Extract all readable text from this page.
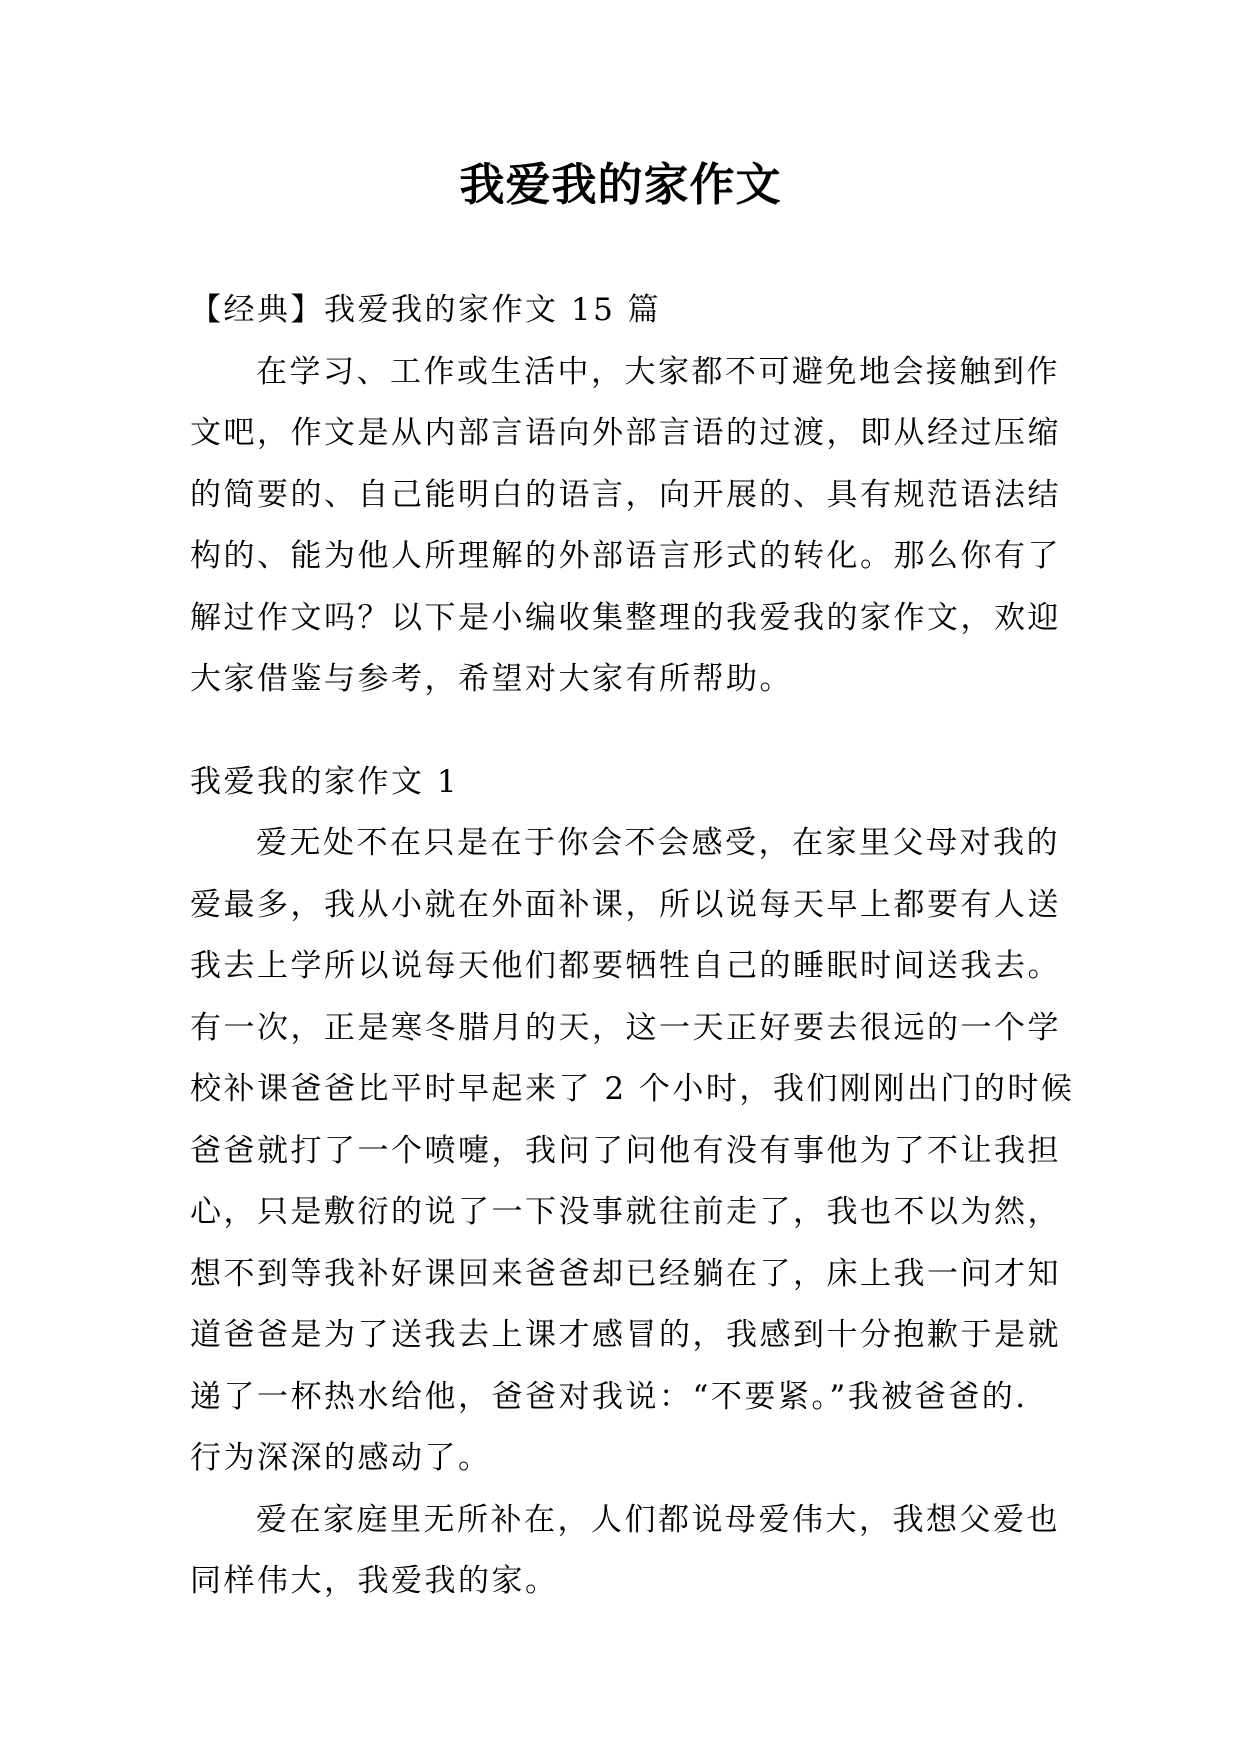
我爱我的家作文
【经典】我爱我的家作文 15 篇
在学习、工作或生活中，大家都不可避免地会接触到作
文吧，作文是从内部言语向外部言语的过渡，即从经过压缩
的简要的、自己能明白的语言，向开展的、具有规范语法结
构的、能为他人所理解的外部语言形式的转化。那么你有了
解过作文吗？以下是小编收集整理的我爱我的家作文，欢迎
大家借鉴与参考，希望对大家有所帮助。
我爱我的家作文 1
爱无处不在只是在于你会不会感受，在家里父母对我的
爱最多，我从小就在外面补课，所以说每天早上都要有人送
我去上学所以说每天他们都要牺牲自己的睡眠时间送我去。
有一次，正是寒冬腊月的天，这一天正好要去很远的一个学
校补课爸爸比平时早起来了 2 个小时，我们刚刚出门的时候
爸爸就打了一个喷嚏，我问了问他有没有事他为了不让我担
心，只是敷衍的说了一下没事就往前走了，我也不以为然，
想不到等我补好课回来爸爸却已经躺在了，床上我一问才知
道爸爸是为了送我去上课才感冒的，我感到十分抱歉于是就
递了一杯热水给他，爸爸对我说：“不要紧。”我被爸爸的.
行为深深的感动了。
爱在家庭里无所补在，人们都说母爱伟大，我想父爱也
同样伟大，我爱我的家。
